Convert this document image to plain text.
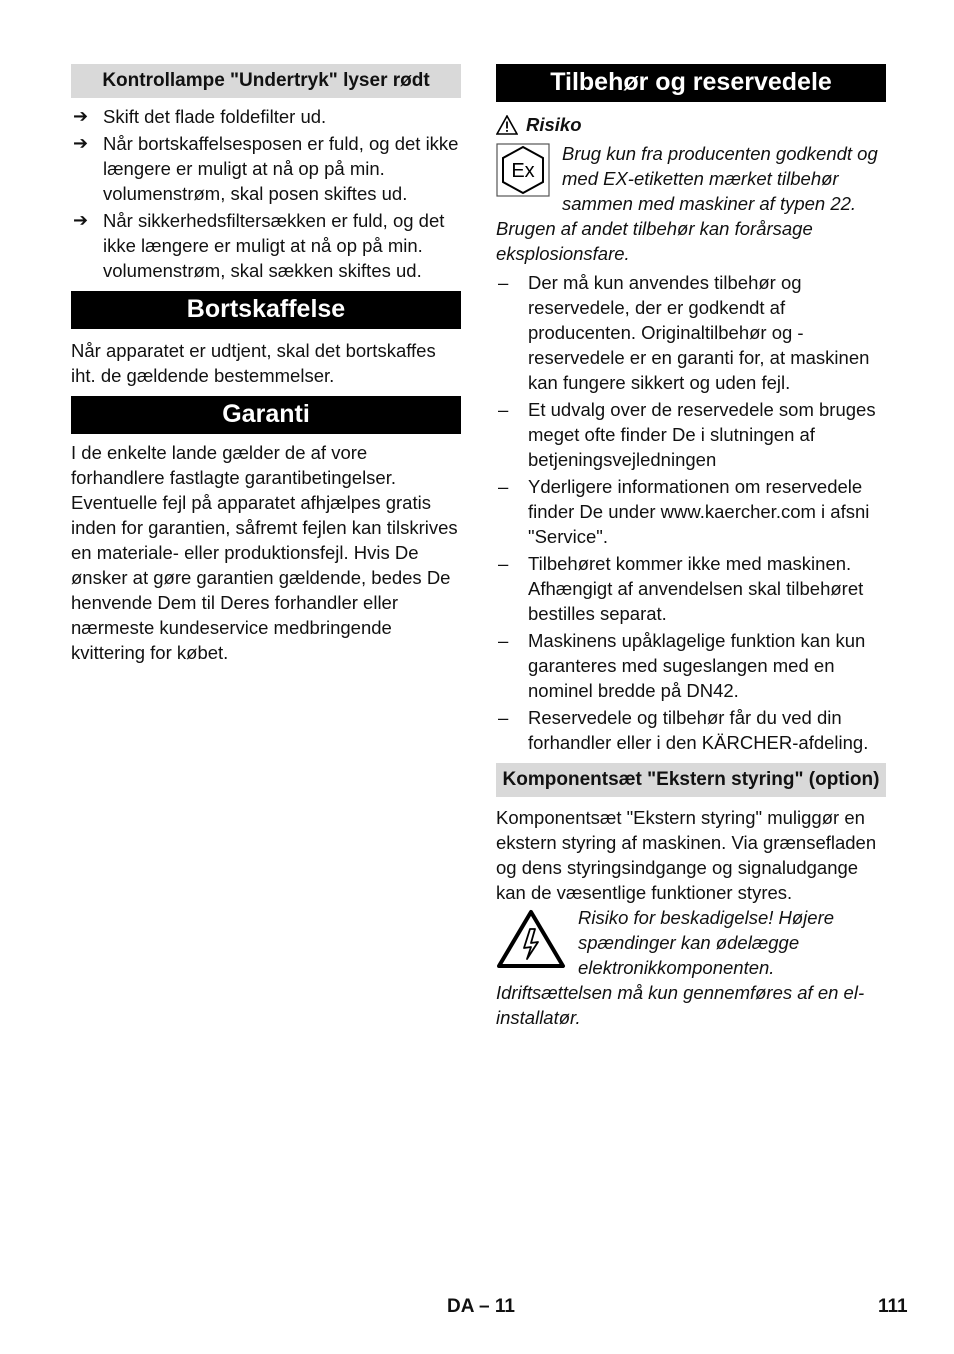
Kontrollampe "Undertryk" lyser rødt
➔ Skift det flade foldefilter ud.
➔ Når bortskaffelsesposen er fuld, og det ikke længere er muligt at nå op på min. volumenstrøm, skal posen skiftes ud.
➔ Når sikkerhedsfiltersækken er fuld, og det ikke længere er muligt at nå op på min. volumenstrøm, skal sækken skiftes ud.
Bortskaffelse

Når apparatet er udtjent, skal det bortskaffes iht. de gældende bestemmelser.

Garanti

I de enkelte lande gælder de af vore forhandlere fastlagte garantibetingelser. Eventuelle fejl på apparatet afhjælpes gratis inden for garantien, såfremt fejlen kan tilskrives en materiale- eller produktionsfejl. Hvis De ønsker at gøre garantien gældende, bedes De henvende Dem til Deres forhandler eller nærmeste kundeservice medbringende kvittering for købet.

Tilbehør og reservedele
Risiko
Ex

Brug kun fra producenten godkendt og med EX-etiketten mærket tilbehør sammen med maskiner af typen 22. Brugen af andet tilbehør kan forårsage eksplosionsfare.

– Der må kun anvendes tilbehør og reservedele, der er godkendt af producenten. Originaltilbehør og -reservedele er en garanti for, at maskinen kan fungere sikkert og uden fejl.
– Et udvalg over de reservedele som bruges meget ofte finder De i slutningen af betjeningsvejledningen
– Yderligere informationen om reservedele finder De under www.kaercher.com i afsni "Service".
– Tilbehøret kommer ikke med maskinen. Afhængigt af anvendelsen skal tilbehøret bestilles separat.
– Maskinens upåklagelige funktion kan kun garanteres med sugeslangen med en nominel bredde på DN42.
– Reservedele og tilbehør får du ved din forhandler eller i den KÄRCHER-afdeling.
Komponentsæt "Ekstern styring" (option)

Komponentsæt "Ekstern styring" muliggør en ekstern styring af maskinen. Via grænsefladen og dens styringsindgange og signaludgange kan de væsentlige funktioner styres.

Risiko for beskadigelse! Højere spændinger kan ødelægge elektronikkomponenten. Idriftsættelsen må kun gennemføres af en el-installatør.

DA – 11	111
